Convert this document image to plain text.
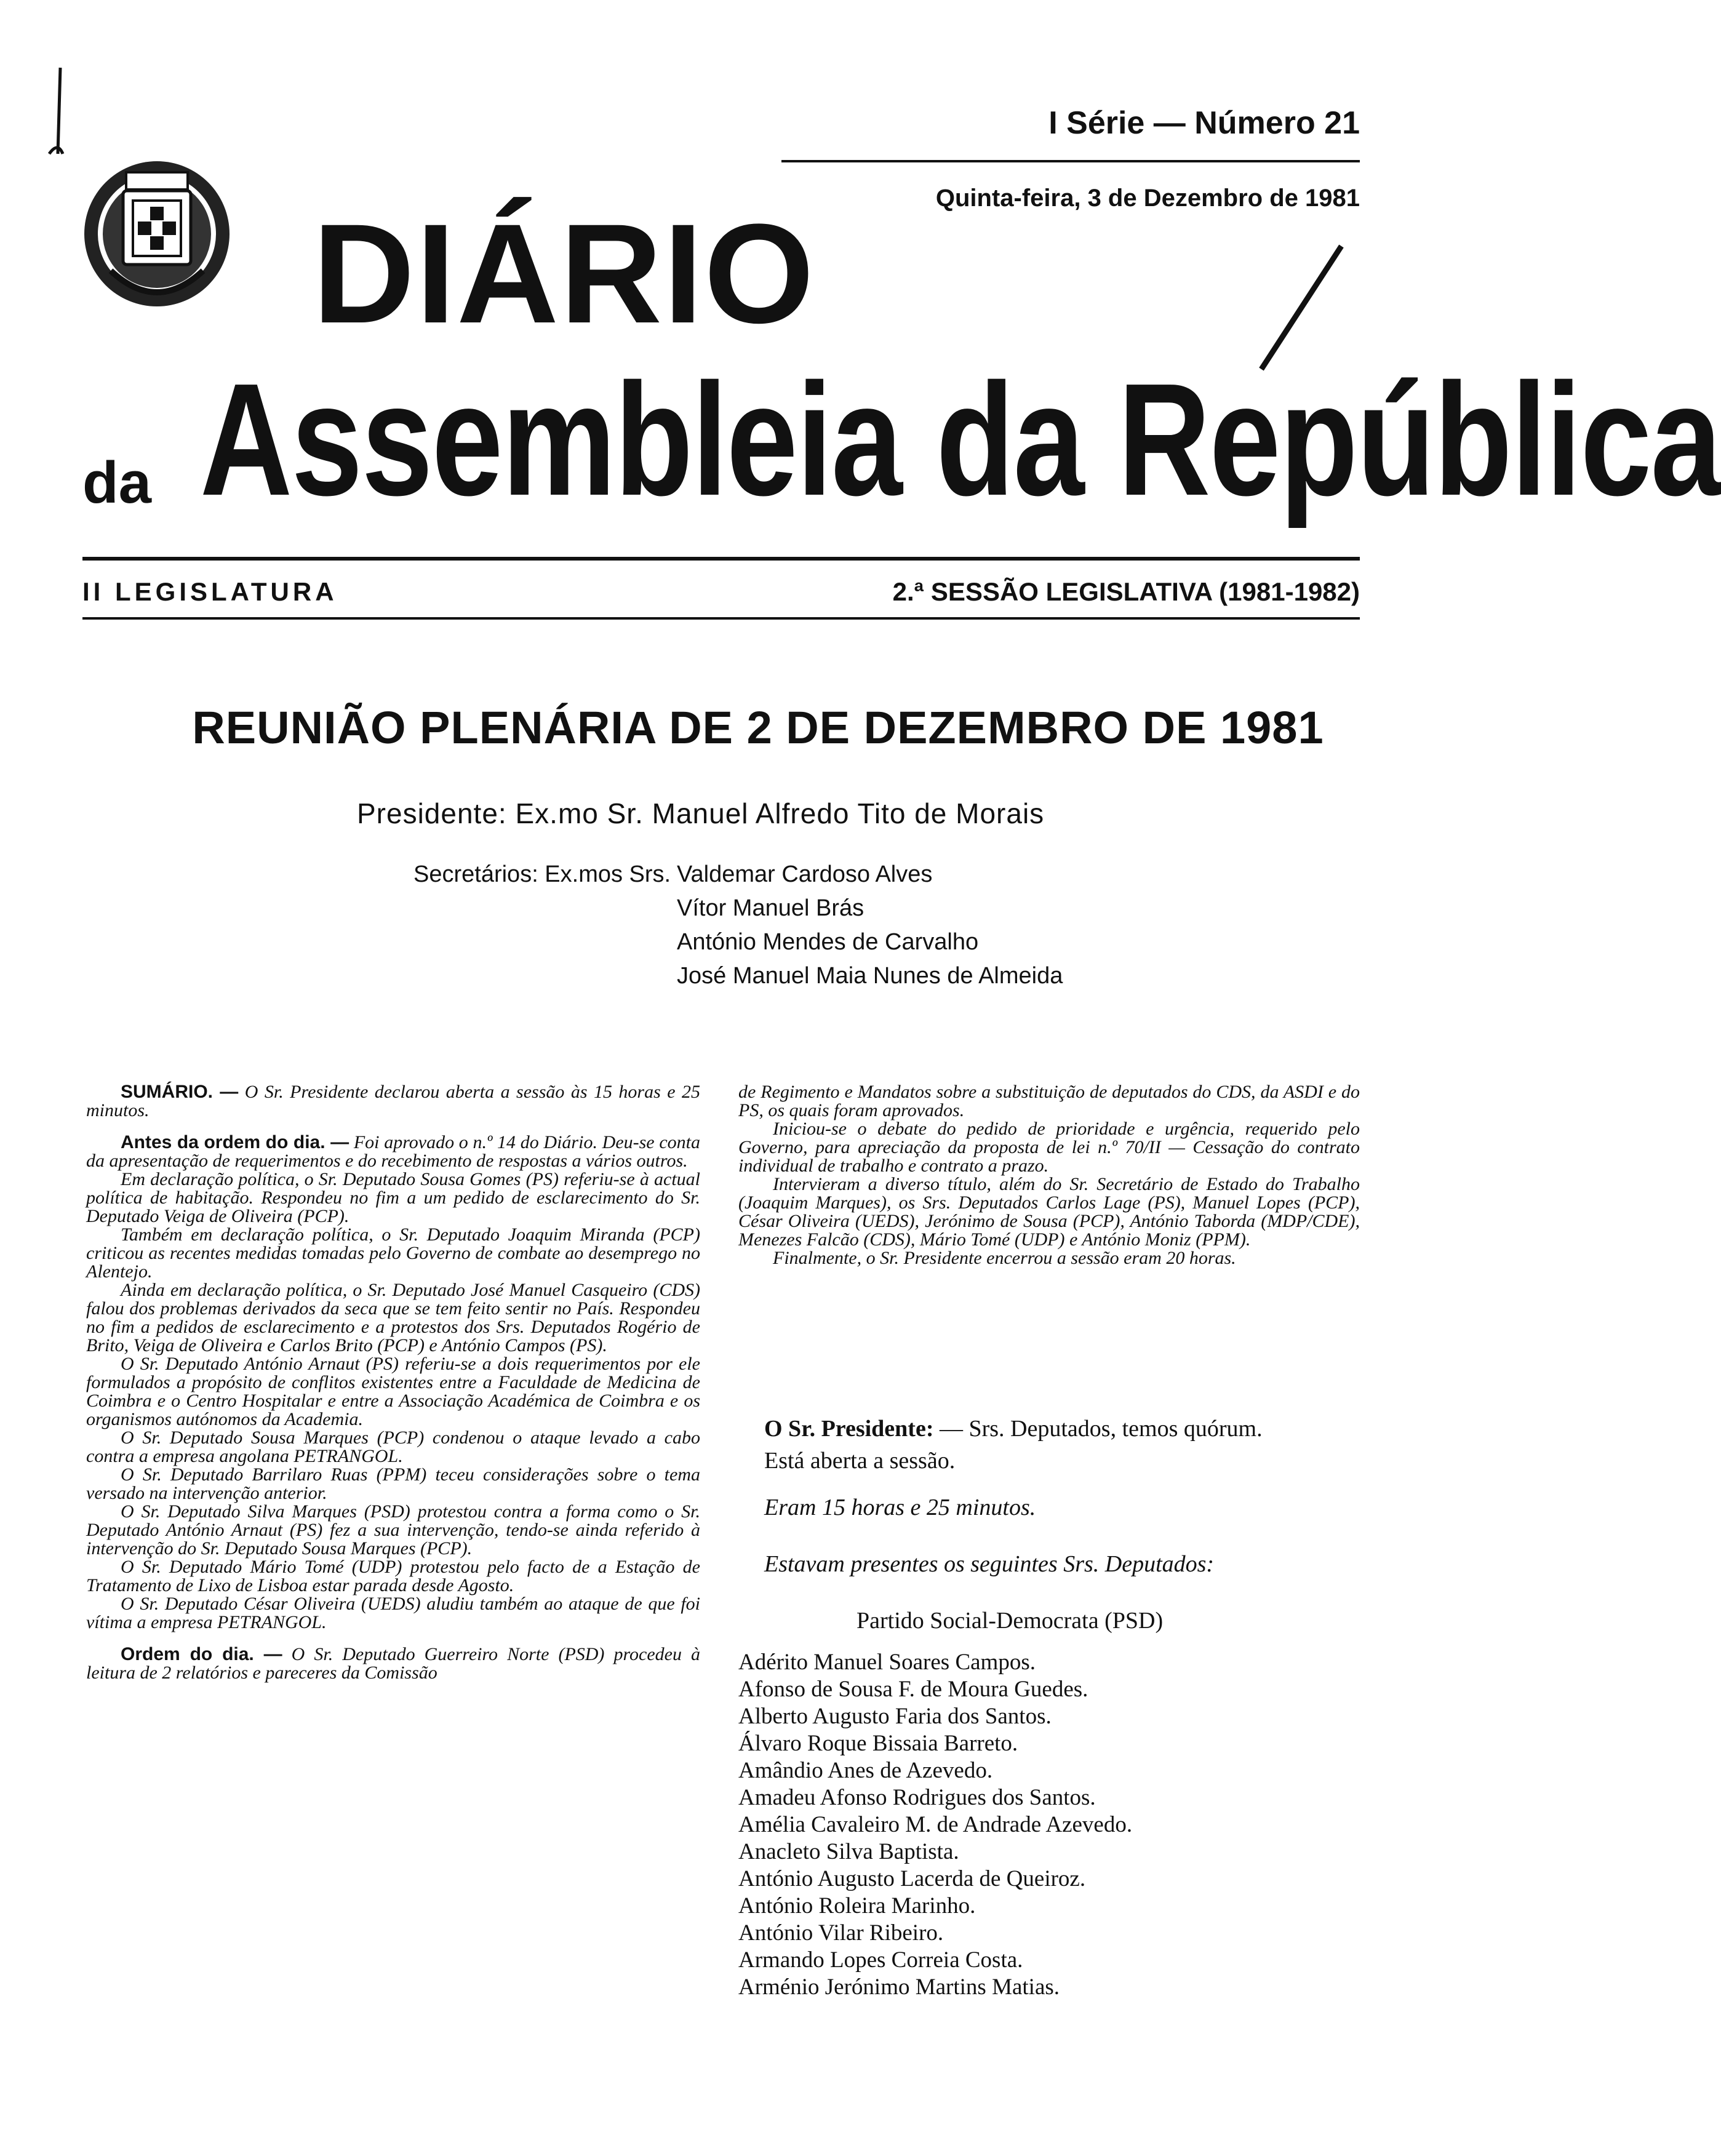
I Série — Número 21
Quinta-feira, 3 de Dezembro de 1981
DIÁRIO
da Assembleia da República
II LEGISLATURA	2.ª SESSÃO LEGISLATIVA (1981-1982)
REUNIÃO PLENÁRIA DE 2 DE DEZEMBRO DE 1981
Presidente: Ex.mo Sr. Manuel Alfredo Tito de Morais
Secretários: Ex.mos Srs. Valdemar Cardoso Alves
Vítor Manuel Brás
António Mendes de Carvalho
José Manuel Maia Nunes de Almeida

SUMÁRIO. — O Sr. Presidente declarou aberta a sessão às 15 horas e 25 minutos.

Antes da ordem do dia. — Foi aprovado o n.º 14 do Diário. Deu-se conta da apresentação de requerimentos e do recebimento de respostas a vários outros.

Em declaração política, o Sr. Deputado Sousa Gomes (PS) referiu-se à actual política de habitação. Respondeu no fim a um pedido de esclarecimento do Sr. Deputado Veiga de Oliveira (PCP).

Também em declaração política, o Sr. Deputado Joaquim Miranda (PCP) criticou as recentes medidas tomadas pelo Governo de combate ao desemprego no Alentejo.

Ainda em declaração política, o Sr. Deputado José Manuel Casqueiro (CDS) falou dos problemas derivados da seca que se tem feito sentir no País. Respondeu no fim a pedidos de esclarecimento e a protestos dos Srs. Deputados Rogério de Brito, Veiga de Oliveira e Carlos Brito (PCP) e António Campos (PS).

O Sr. Deputado António Arnaut (PS) referiu-se a dois requerimentos por ele formulados a propósito de conflitos existentes entre a Faculdade de Medicina de Coimbra e o Centro Hospitalar e entre a Associação Académica de Coimbra e os organismos autónomos da Academia.

O Sr. Deputado Sousa Marques (PCP) condenou o ataque levado a cabo contra a empresa angolana PETRANGOL.

O Sr. Deputado Barrilaro Ruas (PPM) teceu considerações sobre o tema versado na intervenção anterior.

O Sr. Deputado Silva Marques (PSD) protestou contra a forma como o Sr. Deputado António Arnaut (PS) fez a sua intervenção, tendo-se ainda referido à intervenção do Sr. Deputado Sousa Marques (PCP).

O Sr. Deputado Mário Tomé (UDP) protestou pelo facto de a Estação de Tratamento de Lixo de Lisboa estar parada desde Agosto.

O Sr. Deputado César Oliveira (UEDS) aludiu também ao ataque de que foi vítima a empresa PETRANGOL.

Ordem do dia. — O Sr. Deputado Guerreiro Norte (PSD) procedeu à leitura de 2 relatórios e pareceres da Comissão

de Regimento e Mandatos sobre a substituição de deputados do CDS, da ASDI e do PS, os quais foram aprovados.

Iniciou-se o debate do pedido de prioridade e urgência, requerido pelo Governo, para apreciação da proposta de lei n.º 70/II — Cessação do contrato individual de trabalho e contrato a prazo.

Intervieram a diverso título, além do Sr. Secretário de Estado do Trabalho (Joaquim Marques), os Srs. Deputados Carlos Lage (PS), Manuel Lopes (PCP), César Oliveira (UEDS), Jerónimo de Sousa (PCP), António Taborda (MDP/CDE), Menezes Falcão (CDS), Mário Tomé (UDP) e António Moniz (PPM).

Finalmente, o Sr. Presidente encerrou a sessão eram 20 horas.

O Sr. Presidente: — Srs. Deputados, temos quórum.
Está aberta a sessão.
Eram 15 horas e 25 minutos.
Estavam presentes os seguintes Srs. Deputados:
Partido Social-Democrata (PSD)
Adérito Manuel Soares Campos.
Afonso de Sousa F. de Moura Guedes.
Alberto Augusto Faria dos Santos.
Álvaro Roque Bissaia Barreto.
Amândio Anes de Azevedo.
Amadeu Afonso Rodrigues dos Santos.
Amélia Cavaleiro M. de Andrade Azevedo.
Anacleto Silva Baptista.
António Augusto Lacerda de Queiroz.
António Roleira Marinho.
António Vilar Ribeiro.
Armando Lopes Correia Costa.
Arménio Jerónimo Martins Matias.
